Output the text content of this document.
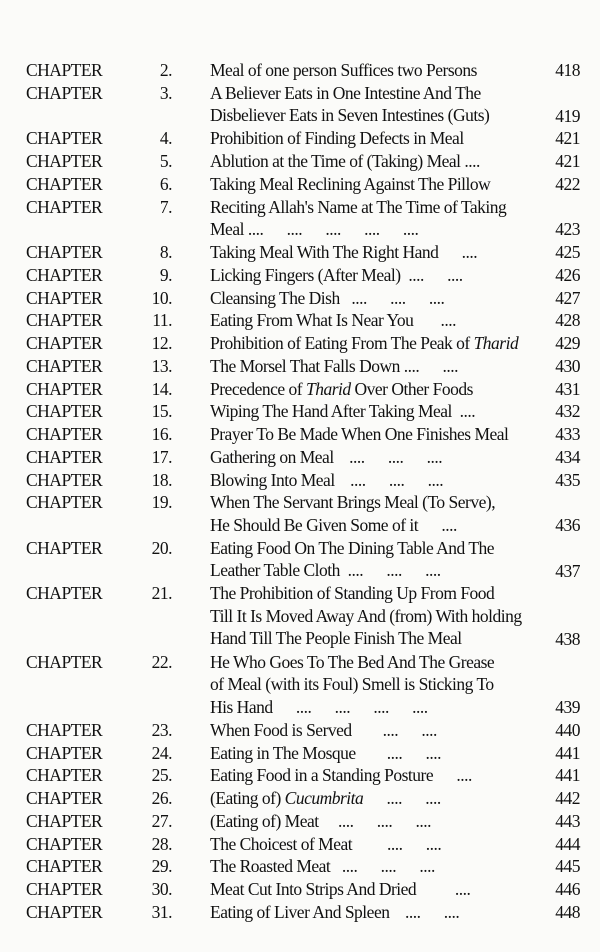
CHAPTER	2. Meal of one person Suffices two Persons	418
CHAPTER	3. A Believer Eats in One Intestine And The
Disbeliever Eats in Seven Intestines (Guts)	419
CHAPTER	4. Prohibition of Finding Defects in Meal	421
CHAPTER	5. Ablution at the Time of (Taking) Meal ....	421
CHAPTER	6. Taking Meal Reclining Against The Pillow	422
CHAPTER	7. Reciting Allah's Name at The Time of Taking
Meal ....      ....      ....      ....      ....	423
CHAPTER	8. Taking Meal With The Right Hand      ....	425
CHAPTER	9. Licking Fingers (After Meal)  ....      ....	426
CHAPTER	10. Cleansing The Dish   ....      ....      ....	427
CHAPTER	11. Eating From What Is Near You       ....	428
CHAPTER	12. Prohibition of Eating From The Peak of Tharid	429
CHAPTER	13. The Morsel That Falls Down ....      ....	430
CHAPTER	14. Precedence of Tharid Over Other Foods	431
CHAPTER	15. Wiping The Hand After Taking Meal  ....	432
CHAPTER	16. Prayer To Be Made When One Finishes Meal	433
CHAPTER	17. Gathering on Meal    ....      ....      ....	434
CHAPTER	18. Blowing Into Meal    ....      ....      ....	435
CHAPTER	19. When The Servant Brings Meal (To Serve),
He Should Be Given Some of it      ....	436
CHAPTER	20. Eating Food On The Dining Table And The
Leather Table Cloth  ....      ....      ....	437
CHAPTER	21. The Prohibition of Standing Up From Food
Till It Is Moved Away And (from) With holding
Hand Till The People Finish The Meal	438
CHAPTER	22. He Who Goes To The Bed And The Grease
of Meal (with its Foul) Smell is Sticking To
His Hand      ....      ....      ....      ....	439
CHAPTER	23. When Food is Served        ....      ....	440
CHAPTER	24. Eating in The Mosque        ....      ....	441
CHAPTER	25. Eating Food in a Standing Posture      ....	441
CHAPTER	26. (Eating of) Cucumbrita      ....      ....	442
CHAPTER	27. (Eating of) Meat     ....      ....      ....	443
CHAPTER	28. The Choicest of Meat         ....      ....	444
CHAPTER	29. The Roasted Meat   ....      ....      ....	445
CHAPTER	30. Meat Cut Into Strips And Dried          ....	446
CHAPTER	31. Eating of Liver And Spleen    ....      ....	448
